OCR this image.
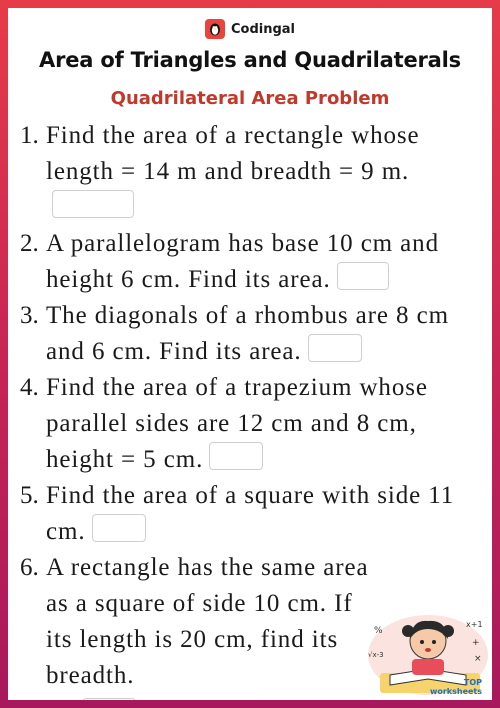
Codingal
Area of Triangles and Quadrilaterals
Quadrilateral Area Problem
1. Find the area of a rectangle whose length = 14 m and breadth = 9 m.
2. A parallelogram has base 10 cm and height 6 cm. Find its area.
3. The diagonals of a rhombus are 8 cm and 6 cm. Find its area.
4. Find the area of a trapezium whose parallel sides are 12 cm and 8 cm, height = 5 cm.
5. Find the area of a square with side 11 cm.
6. A rectangle has the same area as a square of side 10 cm. If its length is 20 cm, find its breadth.
%
x+1
+
√x-3	×
TOP
worksheets
